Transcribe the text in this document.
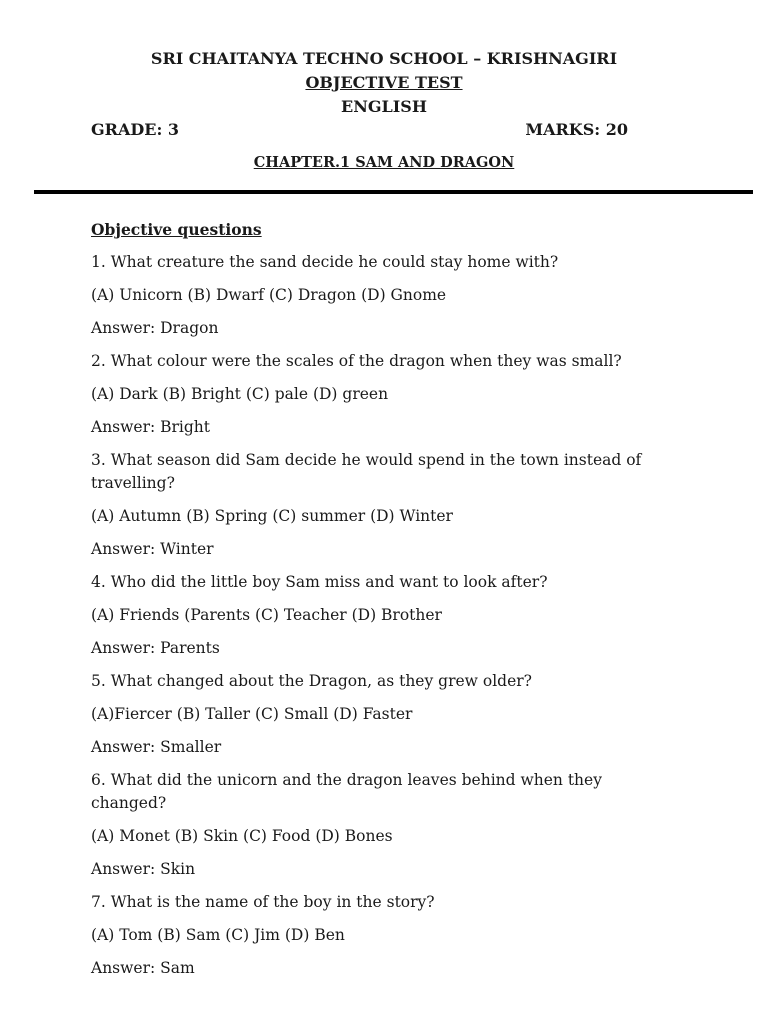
SRI CHAITANYA TECHNO SCHOOL – KRISHNAGIRI
OBJECTIVE TEST
ENGLISH
GRADE: 3	MARKS: 20
CHAPTER.1 SAM AND DRAGON

Objective questions

1. What creature the sand decide he could stay home with?

(A) Unicorn (B) Dwarf (C) Dragon (D) Gnome

Answer: Dragon

2. What colour were the scales of the dragon when they was small?

(A) Dark (B) Bright (C) pale (D) green

Answer: Bright

3. What season did Sam decide he would spend in the town instead of travelling?

(A) Autumn (B) Spring (C) summer (D) Winter

Answer: Winter

4. Who did the little boy Sam miss and want to look after?

(A) Friends (Parents (C) Teacher (D) Brother

Answer: Parents

5. What changed about the Dragon, as they grew older?

(A)Fiercer (B) Taller (C) Small (D) Faster

Answer: Smaller

6. What did the unicorn and the dragon leaves behind when they changed?

(A) Monet (B) Skin (C) Food (D) Bones

Answer: Skin

7. What is the name of the boy in the story?

(A) Tom (B) Sam (C) Jim (D) Ben

Answer: Sam
